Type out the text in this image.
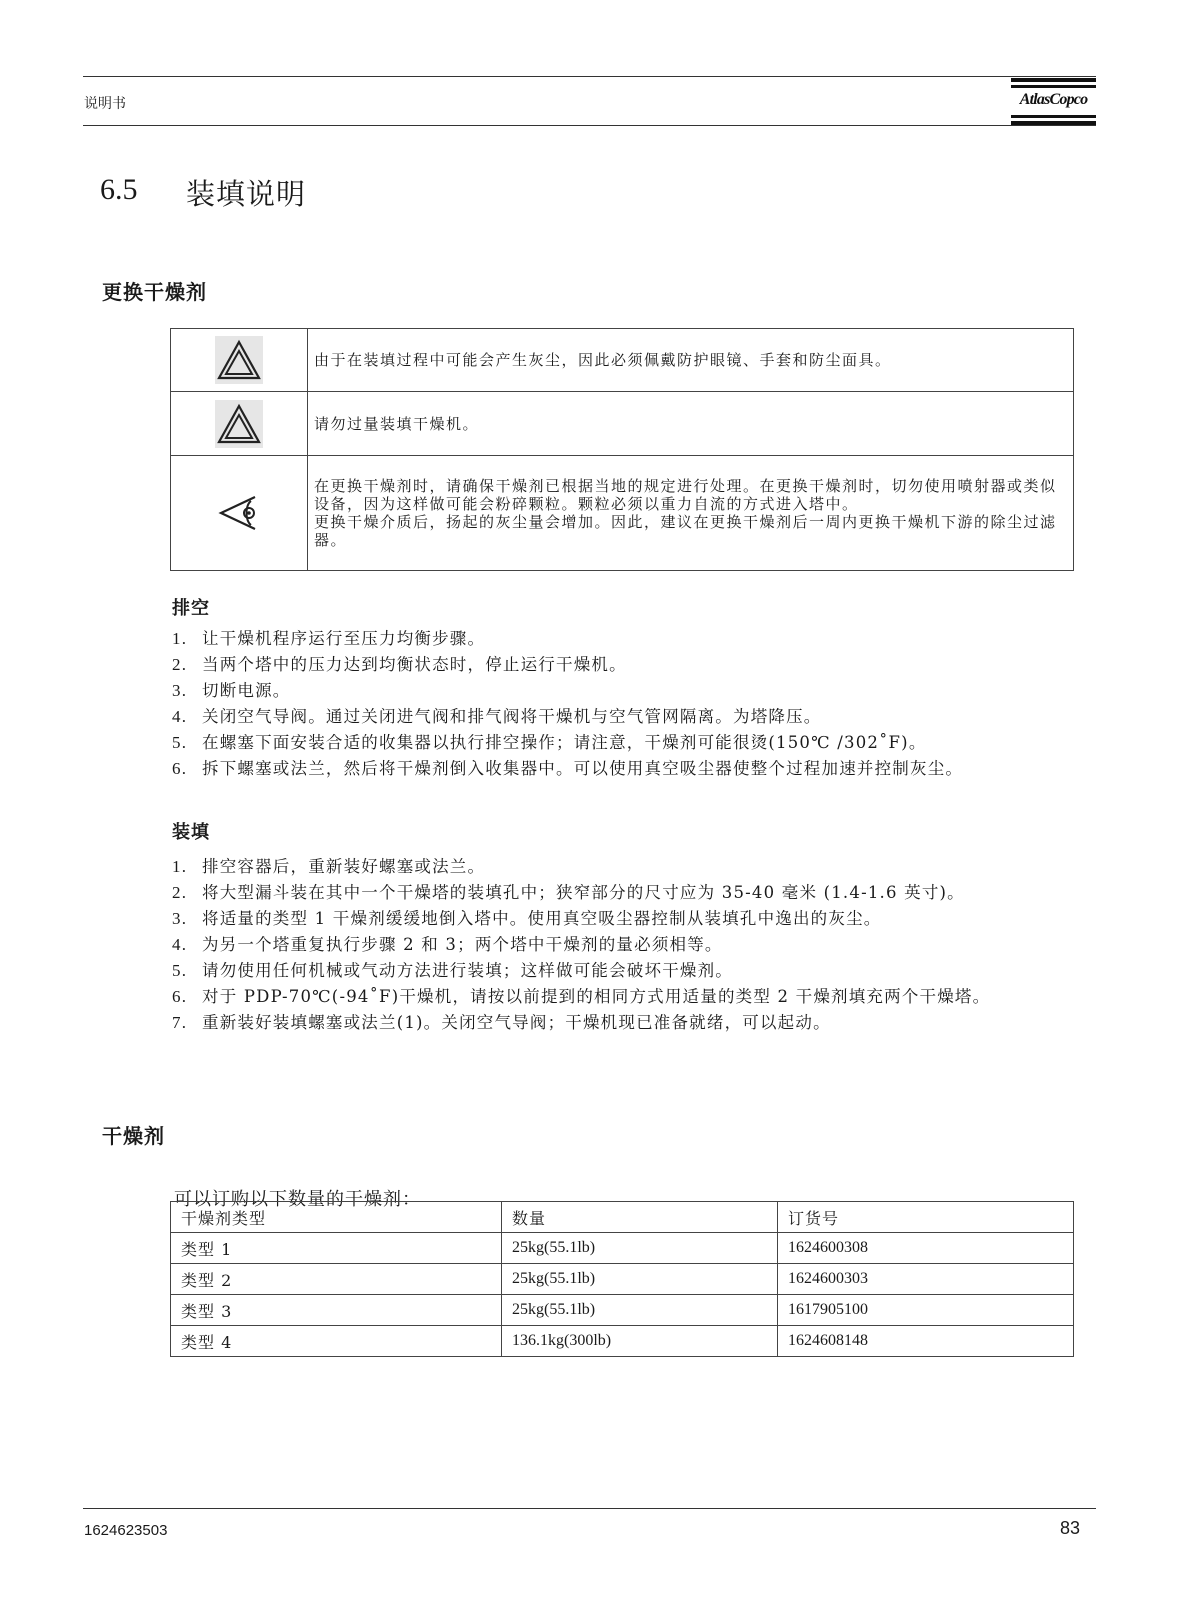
说明书	AtlasCopco
6.5 装填说明
更换干燥剂
	由于在装填过程中可能会产生灰尘，因此必须佩戴防护眼镜、手套和防尘面具。

	请勿过量装填干燥机。

在更换干燥剂时，请确保干燥剂已根据当地的规定进行处理。在更换干燥剂时，切勿使用喷射器或类似设备，因为这样做可能会粉碎颗粒。颗粒必须以重力自流的方式进入塔中。
更换干燥介质后，扬起的灰尘量会增加。因此，建议在更换干燥剂后一周内更换干燥机下游的除尘过滤器。
排空
1. 让干燥机程序运行至压力均衡步骤。
2. 当两个塔中的压力达到均衡状态时，停止运行干燥机。
3. 切断电源。
4. 关闭空气导阀。通过关闭进气阀和排气阀将干燥机与空气管网隔离。为塔降压。
5. 在螺塞下面安装合适的收集器以执行排空操作；请注意，干燥剂可能很烫(150℃ /302˚F)。
6. 拆下螺塞或法兰，然后将干燥剂倒入收集器中。可以使用真空吸尘器使整个过程加速并控制灰尘。
装填
1. 排空容器后，重新装好螺塞或法兰。
2. 将大型漏斗装在其中一个干燥塔的装填孔中；狭窄部分的尺寸应为 35-40 毫米 (1.4-1.6 英寸)。
3. 将适量的类型 1 干燥剂缓缓地倒入塔中。使用真空吸尘器控制从装填孔中逸出的灰尘。
4. 为另一个塔重复执行步骤 2 和 3；两个塔中干燥剂的量必须相等。
5. 请勿使用任何机械或气动方法进行装填；这样做可能会破坏干燥剂。
6. 对于 PDP-70℃(-94˚F)干燥机，请按以前提到的相同方式用适量的类型 2 干燥剂填充两个干燥塔。
7. 重新装好装填螺塞或法兰(1)。关闭空气导阀；干燥机现已准备就绪，可以起动。
干燥剂
可以订购以下数量的干燥剂：
干燥剂类型	数量	订货号
类型 1	25kg(55.1lb)	1624600308
类型 2	25kg(55.1lb)	1624600303
类型 3	25kg(55.1lb)	1617905100
类型 4	136.1kg(300lb)	1624608148
1624623503	83
